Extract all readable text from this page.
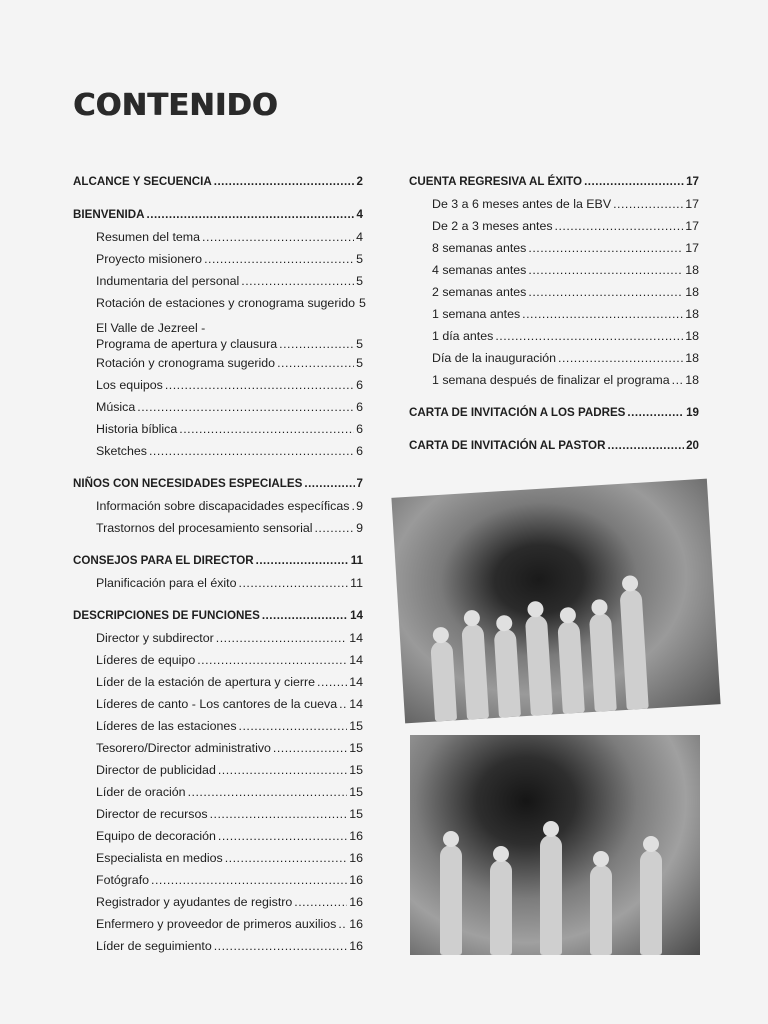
CONTENIDO
ALCANCE Y SECUENCIA .....	2
BIENVENIDA .....	4
Resumen del tema .....	4
Proyecto misionero .....	5
Indumentaria del personal .....	5
Rotación de estaciones y cronograma sugerido 5
El Valle de Jezreel -
Programa de apertura y clausura .....	5
Rotación y cronograma sugerido .....	5
Los equipos .....	6
Música .....	6
Historia bíblica .....	6
Sketches .....	6
NIÑOS CON NECESIDADES ESPECIALES .....	7
Información sobre discapacidades específicas ..... 9
Trastornos del procesamiento sensorial .....	9
CONSEJOS PARA EL DIRECTOR .....	11
Planificación para el éxito .....	11
DESCRIPCIONES DE FUNCIONES .....	14
Director y subdirector .....	14
Líderes de equipo .....	14
Líder de la estación de apertura y cierre .....	14
Líderes de canto - Los cantores de la cueva ..... 14
Líderes de las estaciones .....	15
Tesorero/Director administrativo .....	15
Director de publicidad .....	15
Líder de oración .....	15
Director de recursos .....	15
Equipo de decoración .....	16
Especialista en medios .....	16
Fotógrafo .....	16
Registrador y ayudantes de registro .....	16
Enfermero y proveedor de primeros auxilios ..... 16
Líder de seguimiento .....	16
CUENTA REGRESIVA AL ÉXITO .....	17
De 3 a 6 meses antes de la EBV .....	17
De 2 a 3 meses antes .....	17
8 semanas antes .....	17
4 semanas antes .....	18
2 semanas antes .....	18
1 semana antes .....	18
1 día antes .....	18
Día de la inauguración .....	18
1 semana después de finalizar el programa ..... 18
CARTA DE INVITACIÓN A LOS PADRES .....	19
CARTA DE INVITACIÓN AL PASTOR .....	20
